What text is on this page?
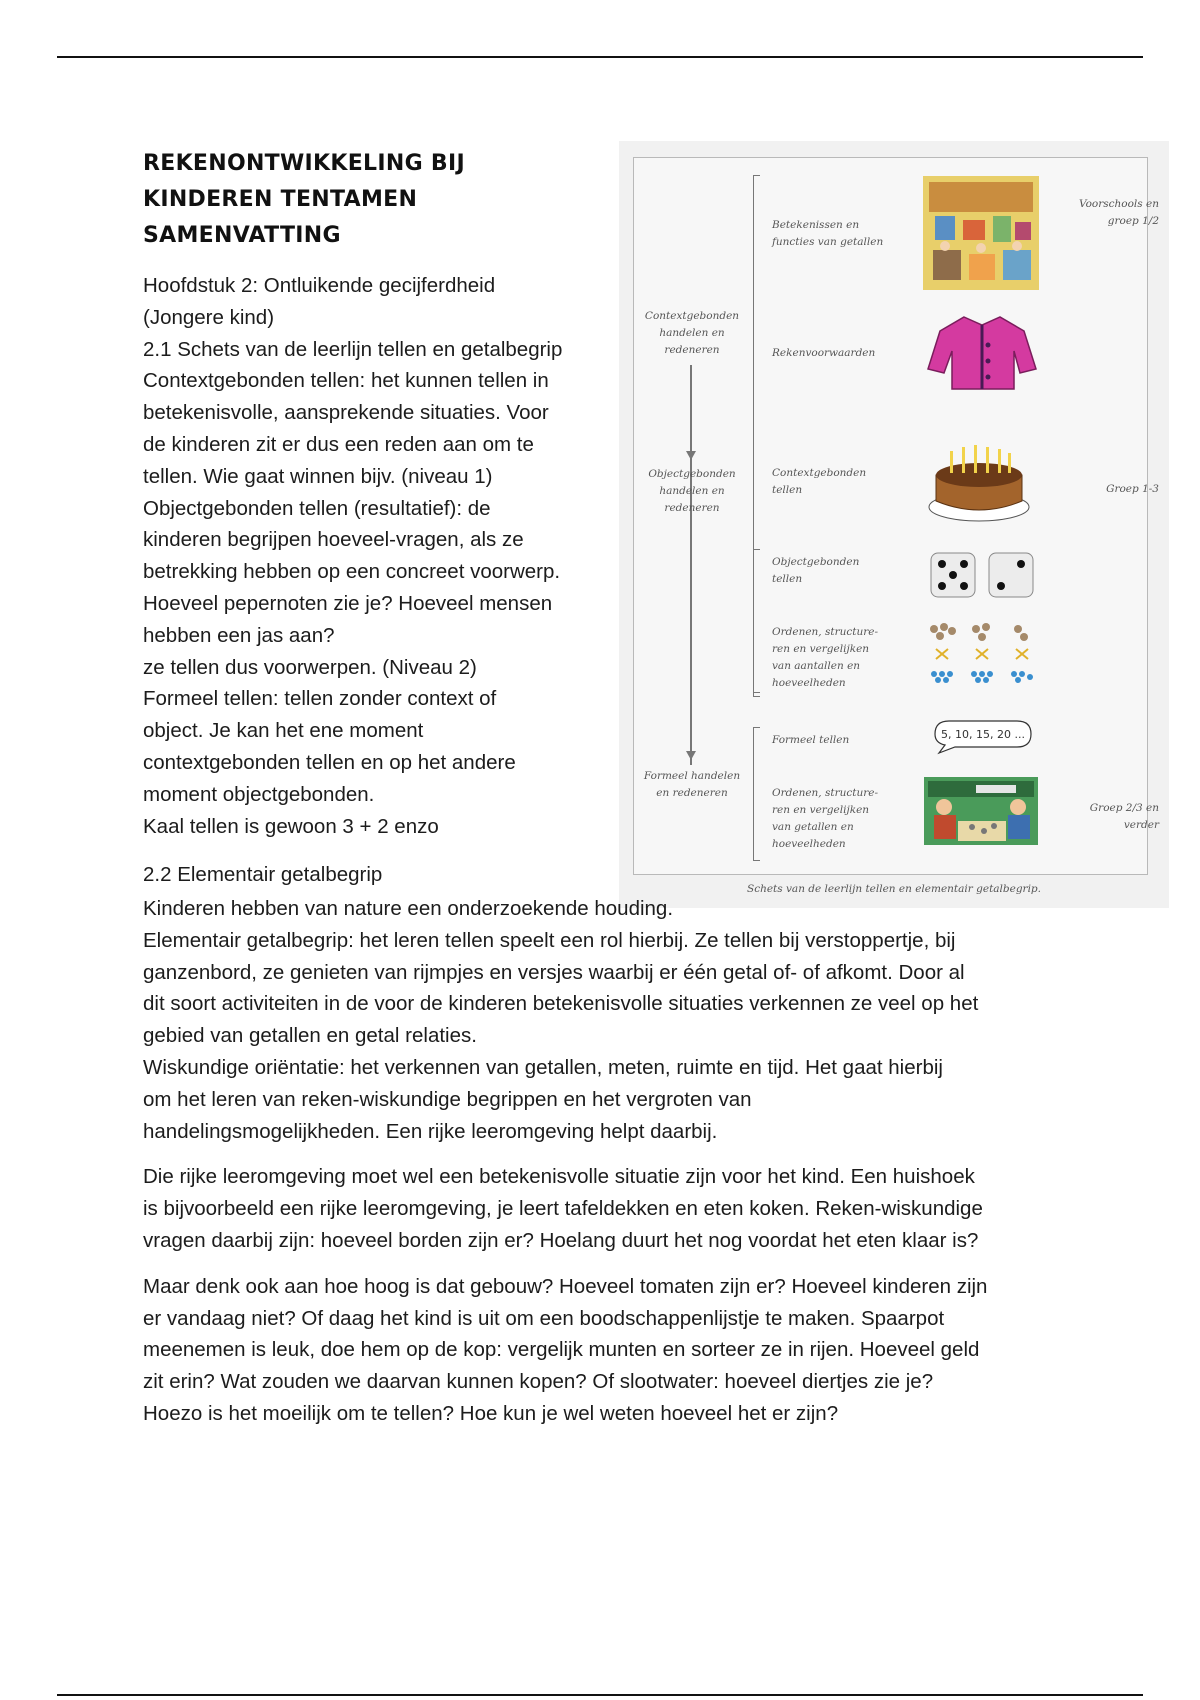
REKENONTWIKKELING BIJ
KINDEREN TENTAMEN
SAMENVATTING
Hoofdstuk 2: Ontluikende gecijferdheid
(Jongere kind)
2.1 Schets van de leerlijn tellen en getalbegrip
Contextgebonden tellen: het kunnen tellen in
betekenisvolle, aansprekende situaties. Voor
de kinderen zit er dus een reden aan om te
tellen. Wie gaat winnen bijv. (niveau 1)
Objectgebonden tellen (resultatief): de
kinderen begrijpen hoeveel-vragen, als ze
betrekking hebben op een concreet voorwerp.
Hoeveel pepernoten zie je? Hoeveel mensen
hebben een jas aan?
ze tellen dus voorwerpen. (Niveau 2)
Formeel tellen: tellen zonder context of
object. Je kan het ene moment
contextgebonden tellen en op het andere
moment objectgebonden.
Kaal tellen is gewoon 3 + 2 enzo
Contextgebonden
handelen en
redeneren
Objectgebonden
handelen en
redeneren
Formeel handelen
en redeneren
Betekenissen en
functies van getallen
Rekenvoorwaarden
Contextgebonden
tellen
Objectgebonden
tellen
Ordenen, structure-
ren en vergelijken
van aantallen en
hoeveelheden
Formeel tellen
Ordenen, structure-
ren en vergelijken
van getallen en
hoeveelheden
Voorschools en
groep 1/2
Groep 1-3
Groep 2/3 en
verder
5, 10, 15, 20 ...
Schets van de leerlijn tellen en elementair getalbegrip.
2.2 Elementair getalbegrip
Kinderen hebben van nature een onderzoekende houding.
Elementair getalbegrip: het leren tellen speelt een rol hierbij. Ze tellen bij verstoppertje, bij
ganzenbord, ze genieten van rijmpjes en versjes waarbij er één getal of- of afkomt. Door al
dit soort activiteiten in de voor de kinderen betekenisvolle situaties verkennen ze veel op het
gebied van getallen en getal relaties.
Wiskundige oriëntatie: het verkennen van getallen, meten, ruimte en tijd. Het gaat hierbij
om het leren van reken-wiskundige begrippen en het vergroten van
handelingsmogelijkheden. Een rijke leeromgeving helpt daarbij.
Die rijke leeromgeving moet wel een betekenisvolle situatie zijn voor het kind. Een huishoek
is bijvoorbeeld een rijke leeromgeving, je leert tafeldekken en eten koken. Reken-wiskundige
vragen daarbij zijn: hoeveel borden zijn er? Hoelang duurt het nog voordat het eten klaar is?
Maar denk ook aan hoe hoog is dat gebouw? Hoeveel tomaten zijn er? Hoeveel kinderen zijn
er vandaag niet? Of daag het kind is uit om een boodschappenlijstje te maken. Spaarpot
meenemen is leuk, doe hem op de kop: vergelijk munten en sorteer ze in rijen. Hoeveel geld
zit erin? Wat zouden we daarvan kunnen kopen? Of slootwater: hoeveel diertjes zie je?
Hoezo is het moeilijk om te tellen? Hoe kun je wel weten hoeveel het er zijn?
